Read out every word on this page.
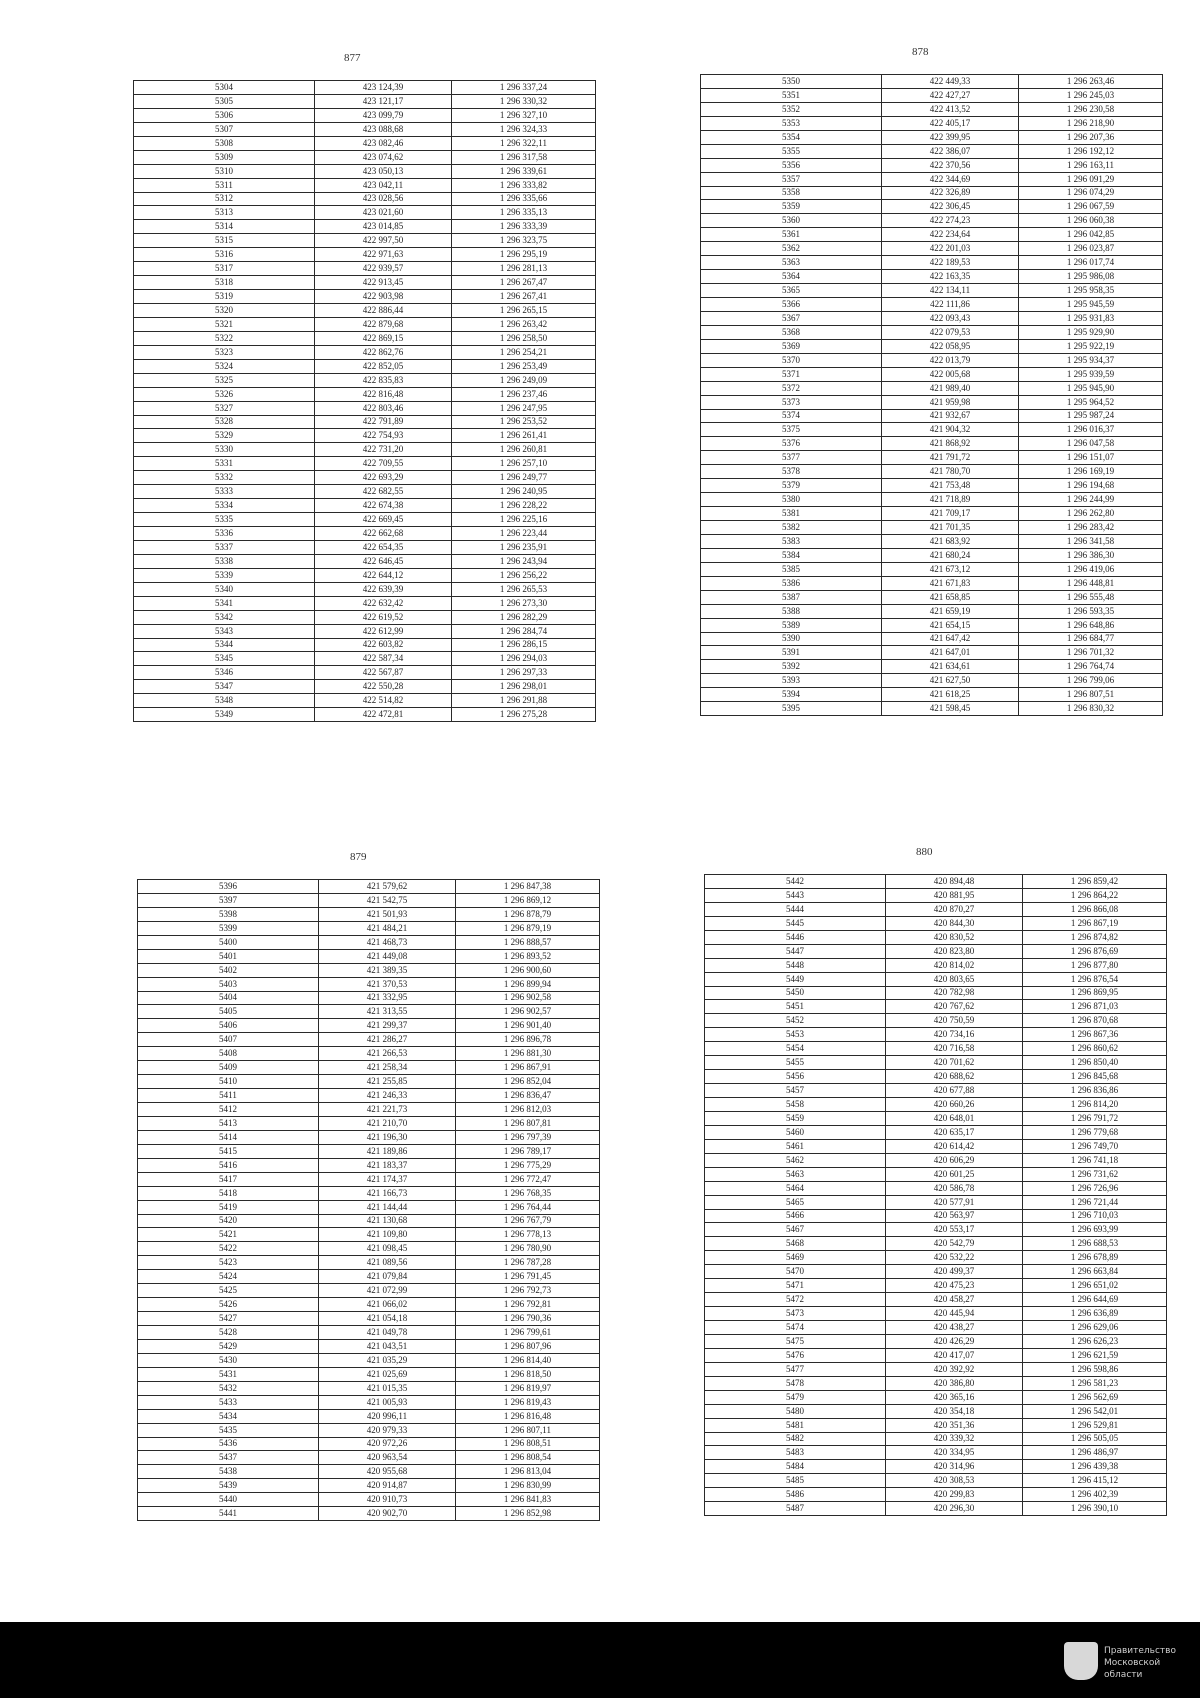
877	878
879	880
5304	423 124,39	1 296 337,24
5305	423 121,17	1 296 330,32
5306	423 099,79	1 296 327,10
5307	423 088,68	1 296 324,33
5308	423 082,46	1 296 322,11
5309	423 074,62	1 296 317,58
5310	423 050,13	1 296 339,61
5311	423 042,11	1 296 333,82
5312	423 028,56	1 296 335,66
5313	423 021,60	1 296 335,13
5314	423 014,85	1 296 333,39
5315	422 997,50	1 296 323,75
5316	422 971,63	1 296 295,19
5317	422 939,57	1 296 281,13
5318	422 913,45	1 296 267,47
5319	422 903,98	1 296 267,41
5320	422 886,44	1 296 265,15
5321	422 879,68	1 296 263,42
5322	422 869,15	1 296 258,50
5323	422 862,76	1 296 254,21
5324	422 852,05	1 296 253,49
5325	422 835,83	1 296 249,09
5326	422 816,48	1 296 237,46
5327	422 803,46	1 296 247,95
5328	422 791,89	1 296 253,52
5329	422 754,93	1 296 261,41
5330	422 731,20	1 296 260,81
5331	422 709,55	1 296 257,10
5332	422 693,29	1 296 249,77
5333	422 682,55	1 296 240,95
5334	422 674,38	1 296 228,22
5335	422 669,45	1 296 225,16
5336	422 662,68	1 296 223,44
5337	422 654,35	1 296 235,91
5338	422 646,45	1 296 243,94
5339	422 644,12	1 296 256,22
5340	422 639,39	1 296 265,53
5341	422 632,42	1 296 273,30
5342	422 619,52	1 296 282,29
5343	422 612,99	1 296 284,74
5344	422 603,82	1 296 286,15
5345	422 587,34	1 296 294,03
5346	422 567,87	1 296 297,33
5347	422 550,28	1 296 298,01
5348	422 514,82	1 296 291,88
5349	422 472,81	1 296 275,28
5350	422 449,33	1 296 263,46
5351	422 427,27	1 296 245,03
5352	422 413,52	1 296 230,58
5353	422 405,17	1 296 218,90
5354	422 399,95	1 296 207,36
5355	422 386,07	1 296 192,12
5356	422 370,56	1 296 163,11
5357	422 344,69	1 296 091,29
5358	422 326,89	1 296 074,29
5359	422 306,45	1 296 067,59
5360	422 274,23	1 296 060,38
5361	422 234,64	1 296 042,85
5362	422 201,03	1 296 023,87
5363	422 189,53	1 296 017,74
5364	422 163,35	1 295 986,08
5365	422 134,11	1 295 958,35
5366	422 111,86	1 295 945,59
5367	422 093,43	1 295 931,83
5368	422 079,53	1 295 929,90
5369	422 058,95	1 295 922,19
5370	422 013,79	1 295 934,37
5371	422 005,68	1 295 939,59
5372	421 989,40	1 295 945,90
5373	421 959,98	1 295 964,52
5374	421 932,67	1 295 987,24
5375	421 904,32	1 296 016,37
5376	421 868,92	1 296 047,58
5377	421 791,72	1 296 151,07
5378	421 780,70	1 296 169,19
5379	421 753,48	1 296 194,68
5380	421 718,89	1 296 244,99
5381	421 709,17	1 296 262,80
5382	421 701,35	1 296 283,42
5383	421 683,92	1 296 341,58
5384	421 680,24	1 296 386,30
5385	421 673,12	1 296 419,06
5386	421 671,83	1 296 448,81
5387	421 658,85	1 296 555,48
5388	421 659,19	1 296 593,35
5389	421 654,15	1 296 648,86
5390	421 647,42	1 296 684,77
5391	421 647,01	1 296 701,32
5392	421 634,61	1 296 764,74
5393	421 627,50	1 296 799,06
5394	421 618,25	1 296 807,51
5395	421 598,45	1 296 830,32
5396	421 579,62	1 296 847,38
5397	421 542,75	1 296 869,12
5398	421 501,93	1 296 878,79
5399	421 484,21	1 296 879,19
5400	421 468,73	1 296 888,57
5401	421 449,08	1 296 893,52
5402	421 389,35	1 296 900,60
5403	421 370,53	1 296 899,94
5404	421 332,95	1 296 902,58
5405	421 313,55	1 296 902,57
5406	421 299,37	1 296 901,40
5407	421 286,27	1 296 896,78
5408	421 266,53	1 296 881,30
5409	421 258,34	1 296 867,91
5410	421 255,85	1 296 852,04
5411	421 246,33	1 296 836,47
5412	421 221,73	1 296 812,03
5413	421 210,70	1 296 807,81
5414	421 196,30	1 296 797,39
5415	421 189,86	1 296 789,17
5416	421 183,37	1 296 775,29
5417	421 174,37	1 296 772,47
5418	421 166,73	1 296 768,35
5419	421 144,44	1 296 764,44
5420	421 130,68	1 296 767,79
5421	421 109,80	1 296 778,13
5422	421 098,45	1 296 780,90
5423	421 089,56	1 296 787,28
5424	421 079,84	1 296 791,45
5425	421 072,99	1 296 792,73
5426	421 066,02	1 296 792,81
5427	421 054,18	1 296 790,36
5428	421 049,78	1 296 799,61
5429	421 043,51	1 296 807,96
5430	421 035,29	1 296 814,40
5431	421 025,69	1 296 818,50
5432	421 015,35	1 296 819,97
5433	421 005,93	1 296 819,43
5434	420 996,11	1 296 816,48
5435	420 979,33	1 296 807,11
5436	420 972,26	1 296 808,51
5437	420 963,54	1 296 808,54
5438	420 955,68	1 296 813,04
5439	420 914,87	1 296 830,99
5440	420 910,73	1 296 841,83
5441	420 902,70	1 296 852,98
5442	420 894,48	1 296 859,42
5443	420 881,95	1 296 864,22
5444	420 870,27	1 296 866,08
5445	420 844,30	1 296 867,19
5446	420 830,52	1 296 874,82
5447	420 823,80	1 296 876,69
5448	420 814,02	1 296 877,80
5449	420 803,65	1 296 876,54
5450	420 782,98	1 296 869,95
5451	420 767,62	1 296 871,03
5452	420 750,59	1 296 870,68
5453	420 734,16	1 296 867,36
5454	420 716,58	1 296 860,62
5455	420 701,62	1 296 850,40
5456	420 688,62	1 296 845,68
5457	420 677,88	1 296 836,86
5458	420 660,26	1 296 814,20
5459	420 648,01	1 296 791,72
5460	420 635,17	1 296 779,68
5461	420 614,42	1 296 749,70
5462	420 606,29	1 296 741,18
5463	420 601,25	1 296 731,62
5464	420 586,78	1 296 726,96
5465	420 577,91	1 296 721,44
5466	420 563,97	1 296 710,03
5467	420 553,17	1 296 693,99
5468	420 542,79	1 296 688,53
5469	420 532,22	1 296 678,89
5470	420 499,37	1 296 663,84
5471	420 475,23	1 296 651,02
5472	420 458,27	1 296 644,69
5473	420 445,94	1 296 636,89
5474	420 438,27	1 296 629,06
5475	420 426,29	1 296 626,23
5476	420 417,07	1 296 621,59
5477	420 392,92	1 296 598,86
5478	420 386,80	1 296 581,23
5479	420 365,16	1 296 562,69
5480	420 354,18	1 296 542,01
5481	420 351,36	1 296 529,81
5482	420 339,32	1 296 505,05
5483	420 334,95	1 296 486,97
5484	420 314,96	1 296 439,38
5485	420 308,53	1 296 415,12
5486	420 299,83	1 296 402,39
5487	420 296,30	1 296 390,10
Правительство
Московской области
